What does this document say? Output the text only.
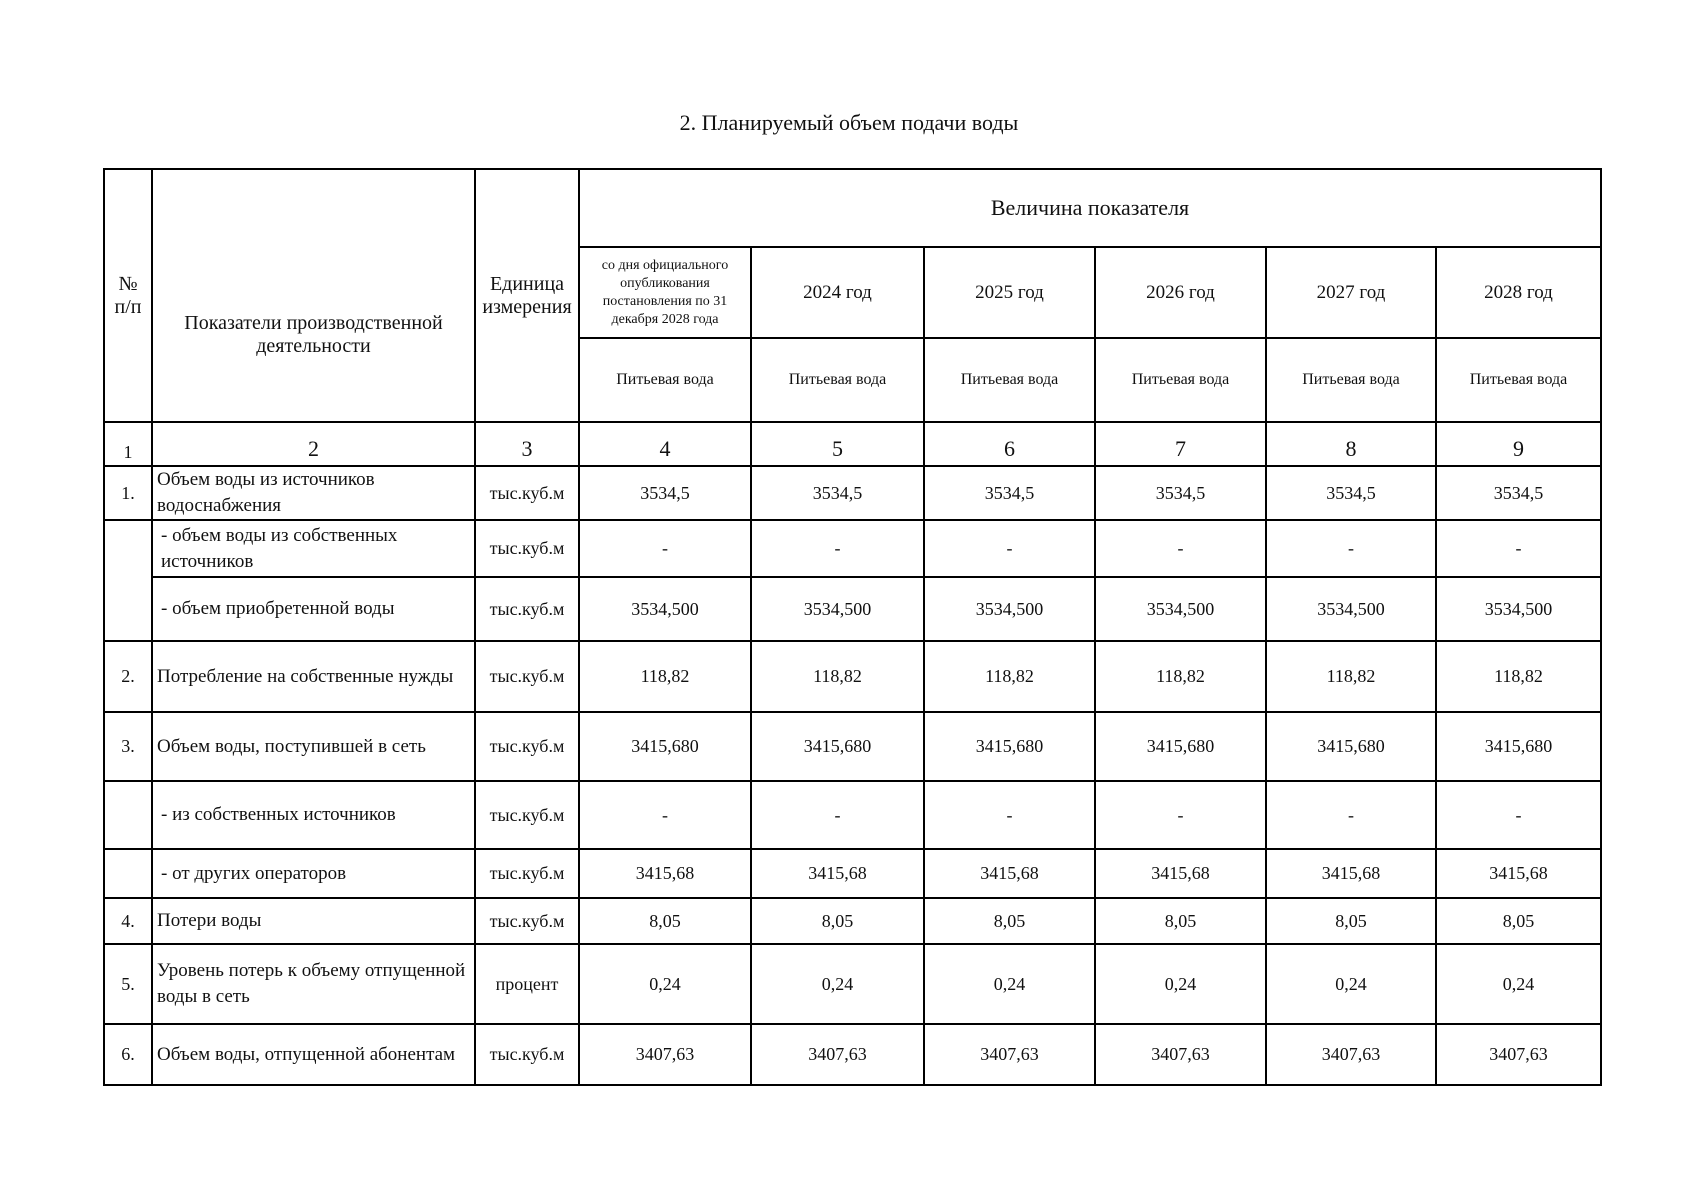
2. Планируемый объем подачи воды
№ п/п	Показатели производственной деятельности	Единица измерения	Величина показателя					
			со дня официального опубликования постановления по 31 декабря 2028 года	2024 год	2025 год	2026 год	2027 год	2028 год
			Питьевая вода	Питьевая вода	Питьевая вода	Питьевая вода	Питьевая вода	Питьевая вода
1	2	3	4	5	6	7	8	9
1.	Объем воды из источников водоснабжения	тыс.куб.м	3534,5	3534,5	3534,5	3534,5	3534,5	3534,5
	- объем воды из собственных источников	тыс.куб.м	-	-	-	-	-	-
	- объем приобретенной воды	тыс.куб.м	3534,500	3534,500	3534,500	3534,500	3534,500	3534,500
2.	Потребление на собственные нужды	тыс.куб.м	118,82	118,82	118,82	118,82	118,82	118,82
3.	Объем воды, поступившей в сеть	тыс.куб.м	3415,680	3415,680	3415,680	3415,680	3415,680	3415,680
	- из собственных источников	тыс.куб.м	-	-	-	-	-	-
	- от других операторов	тыс.куб.м	3415,68	3415,68	3415,68	3415,68	3415,68	3415,68
4.	Потери воды	тыс.куб.м	8,05	8,05	8,05	8,05	8,05	8,05
5.	Уровень потерь к объему отпущенной воды в сеть	процент	0,24	0,24	0,24	0,24	0,24	0,24
6.	Объем воды, отпущенной абонентам	тыс.куб.м	3407,63	3407,63	3407,63	3407,63	3407,63	3407,63
